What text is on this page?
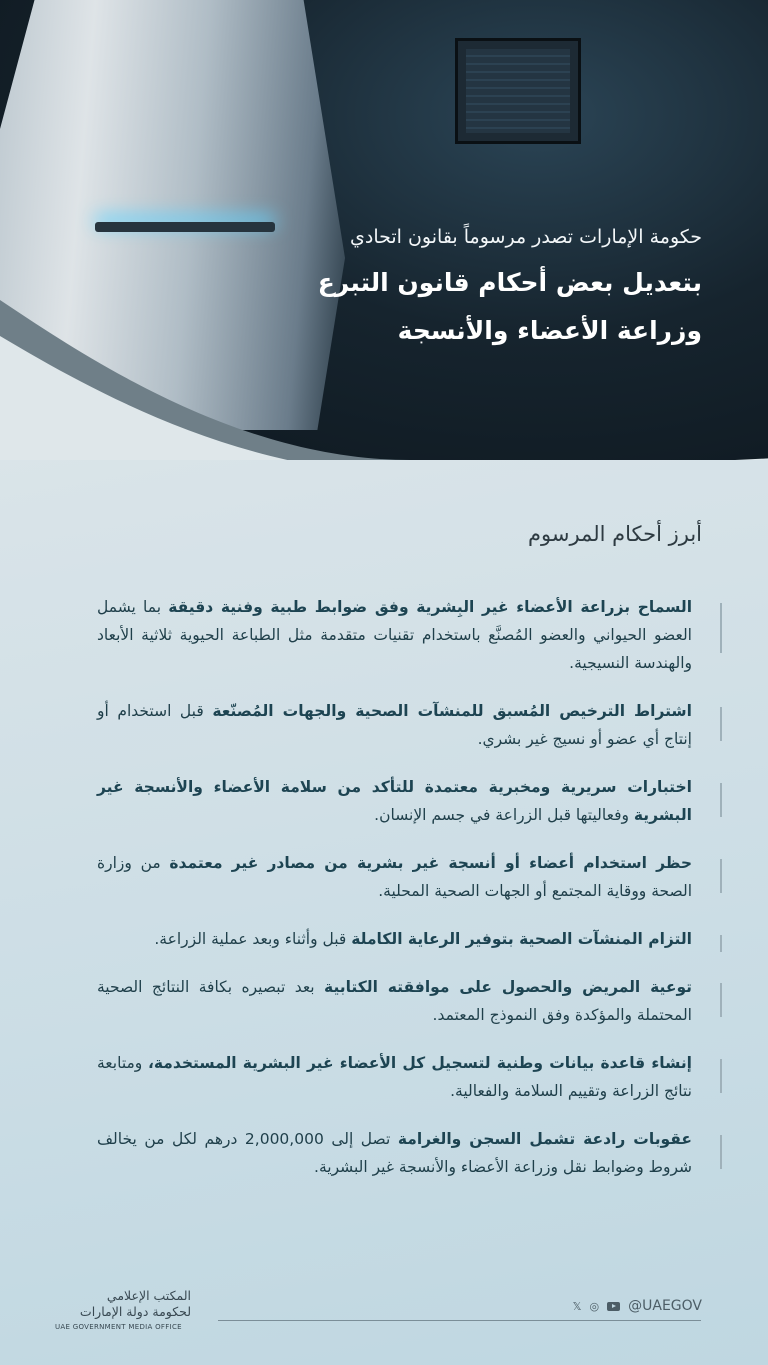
حكومة الإمارات تصدر مرسوماً بقانون اتحادي
بتعديل بعض أحكام قانون التبرع
وزراعة الأعضاء والأنسجة
أبرز أحكام المرسوم
السماح بزراعة الأعضاء غير البِشرية وفق ضوابط طبية وفنية دقيقة بما يشمل العضو الحيواني والعضو المُصنَّع باستخدام تقنيات متقدمة مثل الطباعة الحيوية ثلاثية الأبعاد والهندسة النسيجية.
اشتراط الترخيص المُسبق للمنشآت الصحية والجهات المُصنّعة قبل استخدام أو إنتاج أي عضو أو نسيج غير بشري.
اختبارات سريرية ومخبرية معتمدة للتأكد من سلامة الأعضاء والأنسجة غير البشرية وفعاليتها قبل الزراعة في جسم الإنسان.
حظر استخدام أعضاء أو أنسجة غير بشرية من مصادر غير معتمدة من وزارة الصحة ووقاية المجتمع أو الجهات الصحية المحلية.
التزام المنشآت الصحية بتوفير الرعاية الكاملة قبل وأثناء وبعد عملية الزراعة.
توعية المريض والحصول على موافقته الكتابية بعد تبصيره بكافة النتائج الصحية المحتملة والمؤكدة وفق النموذج المعتمد.
إنشاء قاعدة بيانات وطنية لتسجيل كل الأعضاء غير البشرية المستخدمة، ومتابعة نتائج الزراعة وتقييم السلامة والفعالية.
عقوبات رادعة تشمل السجن والغرامة تصل إلى 2,000,000 درهم لكل من يخالف شروط وضوابط نقل وزراعة الأعضاء والأنسجة غير البشرية.
المكتب الإعلامي
لحكومة دولة الإمارات
UAE GOVERNMENT MEDIA OFFICE
𝕏 ◎ @UAEGOV
